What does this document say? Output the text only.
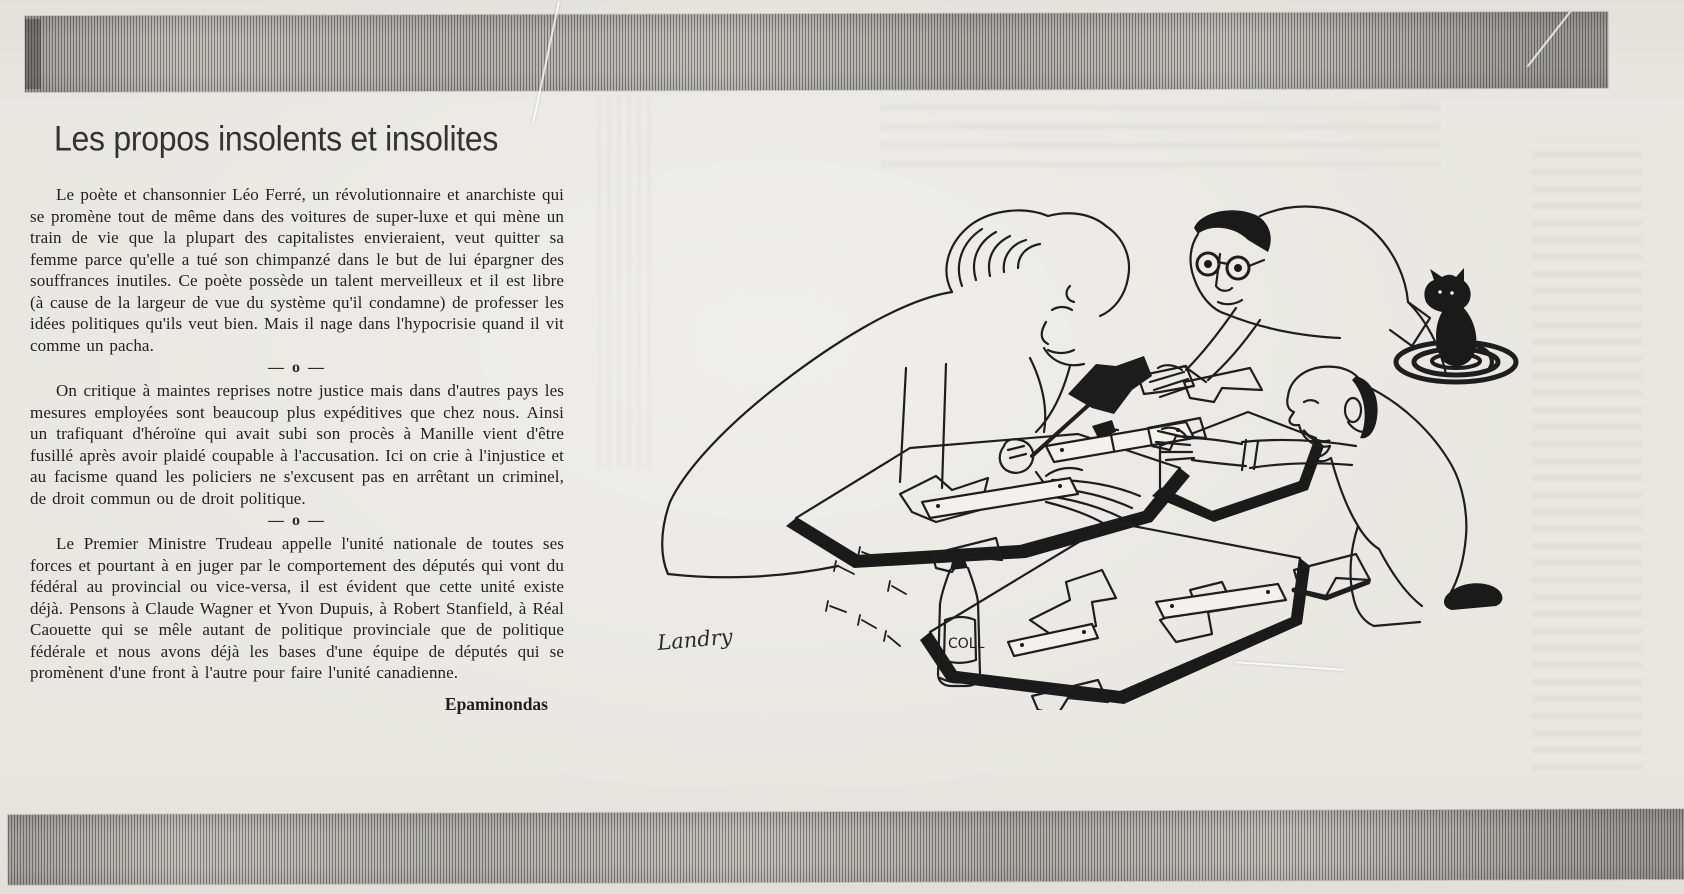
Les propos insolents et insolites

Le poète et chansonnier Léo Ferré, un révolutionnaire et anarchiste qui se promène tout de même dans des voitures de super-luxe et qui mène un train de vie que la plupart des capitalistes envieraient, veut quitter sa femme parce qu'elle a tué son chimpanzé dans le but de lui épargner des souffrances inutiles. Ce poète possède un talent merveilleux et il est libre (à cause de la largeur de vue du système qu'il condamne) de professer les idées politiques qu'ils veut bien. Mais il nage dans l'hypocrisie quand il vit comme un pacha.

— o —

On critique à maintes reprises notre justice mais dans d'autres pays les mesures employées sont beaucoup plus expéditives que chez nous. Ainsi un trafiquant d'héroïne qui avait subi son procès à Manille vient d'être fusillé après avoir plaidé coupable à l'accusation. Ici on crie à l'injustice et au facisme quand les policiers ne s'excusent pas en arrêtant un criminel, de droit commun ou de droit politique.

— o —

Le Premier Ministre Trudeau appelle l'unité nationale de toutes ses forces et pourtant à en juger par le comportement des députés qui vont du fédéral au provincial ou vice-versa, il est évident que cette unité existe déjà. Pensons à Claude Wagner et Yvon Dupuis, à Robert Stanfield, à Réal Caouette qui se mêle autant de politique provinciale que de politique fédérale et nous avons déjà les bases d'une équipe de députés qui se promènent d'une front à l'autre pour faire l'unité canadienne.

Epaminondas
COLL
Landry
